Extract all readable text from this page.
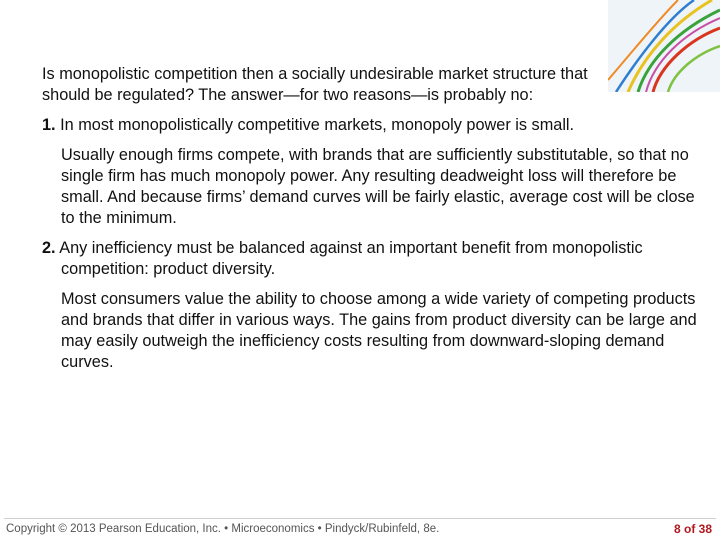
Is monopolistic competition then a socially undesirable market structure that should be regulated? The answer—for two reasons—is probably no:

1. In most monopolistically competitive markets, monopoly power is small.

Usually enough firms compete, with brands that are sufficiently substitutable, so that no single firm has much monopoly power. Any resulting deadweight loss will therefore be small. And because firms’ demand curves will be fairly elastic, average cost will be close to the minimum.

2. Any inefficiency must be balanced against an important benefit from monopolistic competition: product diversity.

Most consumers value the ability to choose among a wide variety of competing products and brands that differ in various ways. The gains from product diversity can be large and may easily outweigh the inefficiency costs resulting from downward-sloping demand curves.

Copyright © 2013 Pearson Education, Inc. • Microeconomics • Pindyck/Rubinfeld, 8e.	8 of 38
